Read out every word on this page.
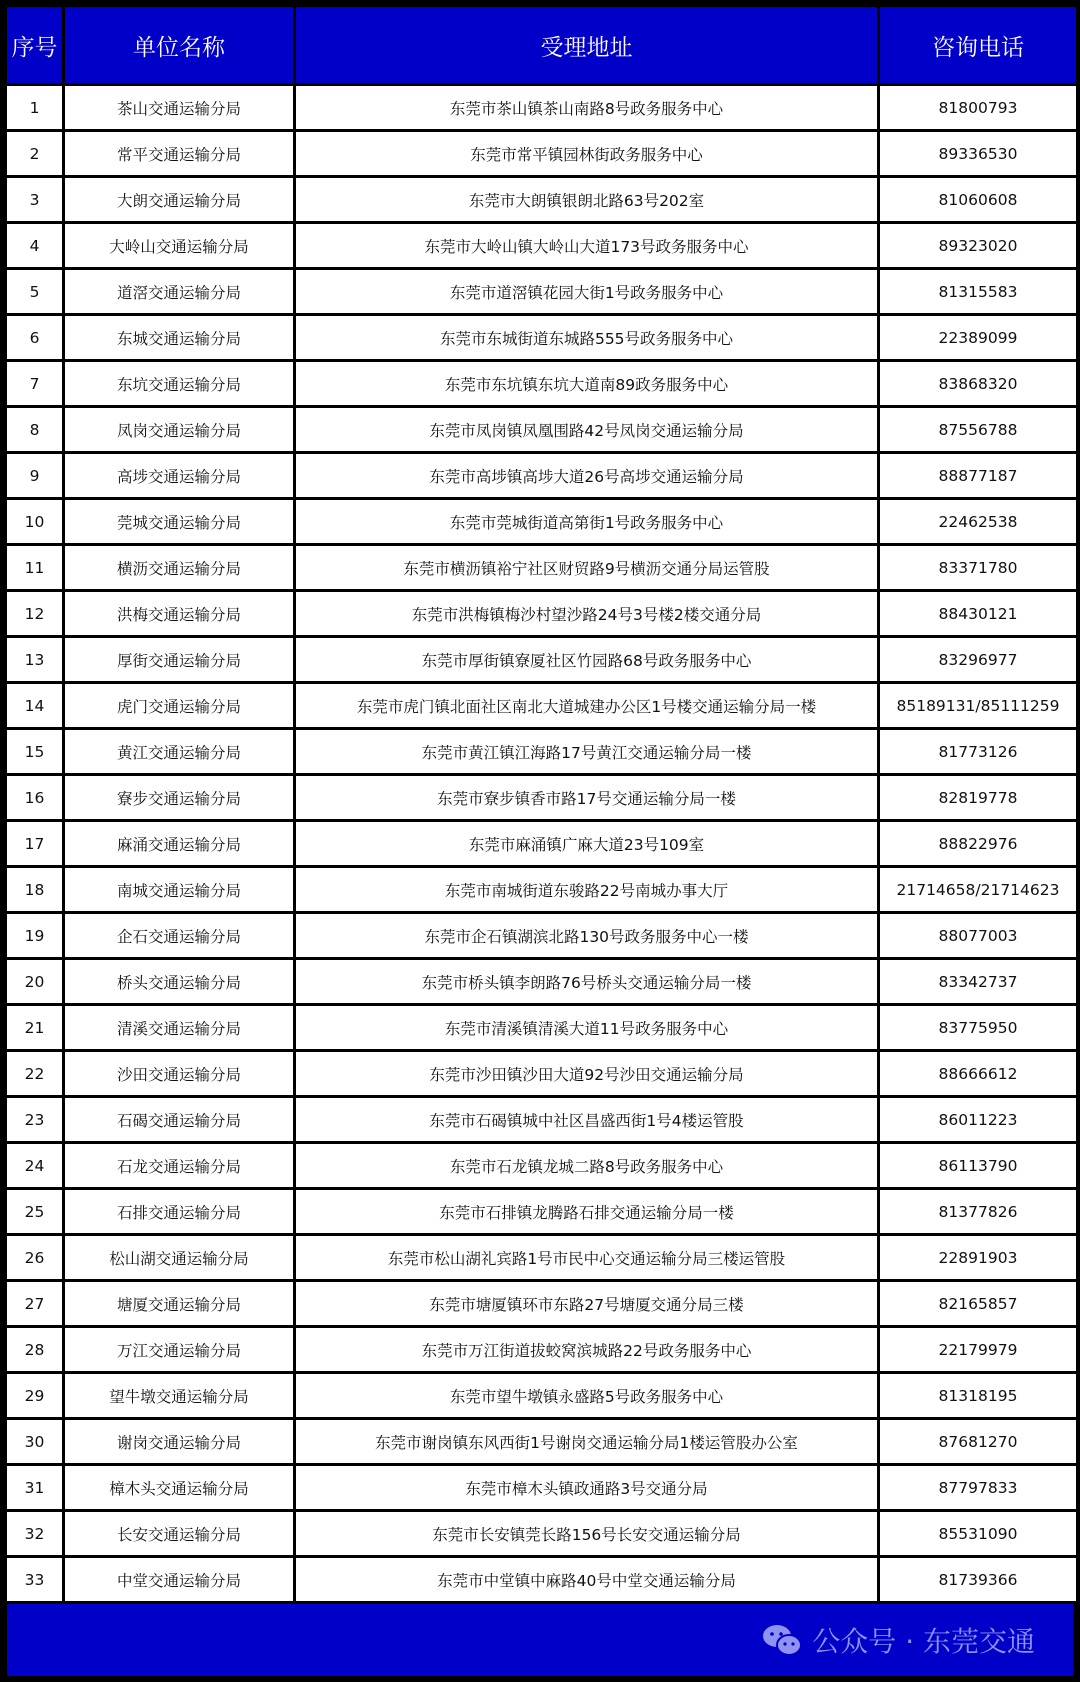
序号	单位名称	受理地址	咨询电话
1	茶山交通运输分局	东莞市茶山镇茶山南路8号政务服务中心	81800793
2	常平交通运输分局	东莞市常平镇园林街政务服务中心	89336530
3	大朗交通运输分局	东莞市大朗镇银朗北路63号202室	81060608
4	大岭山交通运输分局	东莞市大岭山镇大岭山大道173号政务服务中心	89323020
5	道滘交通运输分局	东莞市道滘镇花园大街1号政务服务中心	81315583
6	东城交通运输分局	东莞市东城街道东城路555号政务服务中心	22389099
7	东坑交通运输分局	东莞市东坑镇东坑大道南89政务服务中心	83868320
8	凤岗交通运输分局	东莞市凤岗镇凤凰围路42号凤岗交通运输分局	87556788
9	高埗交通运输分局	东莞市高埗镇高埗大道26号高埗交通运输分局	88877187
10	莞城交通运输分局	东莞市莞城街道高第街1号政务服务中心	22462538
11	横沥交通运输分局	东莞市横沥镇裕宁社区财贸路9号横沥交通分局运管股	83371780
12	洪梅交通运输分局	东莞市洪梅镇梅沙村望沙路24号3号楼2楼交通分局	88430121
13	厚街交通运输分局	东莞市厚街镇寮厦社区竹园路68号政务服务中心	83296977
14	虎门交通运输分局	东莞市虎门镇北面社区南北大道城建办公区1号楼交通运输分局一楼	85189131/85111259
15	黄江交通运输分局	东莞市黄江镇江海路17号黄江交通运输分局一楼	81773126
16	寮步交通运输分局	东莞市寮步镇香市路17号交通运输分局一楼	82819778
17	麻涌交通运输分局	东莞市麻涌镇广麻大道23号109室	88822976
18	南城交通运输分局	东莞市南城街道东骏路22号南城办事大厅	21714658/21714623
19	企石交通运输分局	东莞市企石镇湖滨北路130号政务服务中心一楼	88077003
20	桥头交通运输分局	东莞市桥头镇李朗路76号桥头交通运输分局一楼	83342737
21	清溪交通运输分局	东莞市清溪镇清溪大道11号政务服务中心	83775950
22	沙田交通运输分局	东莞市沙田镇沙田大道92号沙田交通运输分局	88666612
23	石碣交通运输分局	东莞市石碣镇城中社区昌盛西街1号4楼运管股	86011223
24	石龙交通运输分局	东莞市石龙镇龙城二路8号政务服务中心	86113790
25	石排交通运输分局	东莞市石排镇龙腾路石排交通运输分局一楼	81377826
26	松山湖交通运输分局	东莞市松山湖礼宾路1号市民中心交通运输分局三楼运管股	22891903
27	塘厦交通运输分局	东莞市塘厦镇环市东路27号塘厦交通分局三楼	82165857
28	万江交通运输分局	东莞市万江街道拔蛟窝滨城路22号政务服务中心	22179979
29	望牛墩交通运输分局	东莞市望牛墩镇永盛路5号政务服务中心	81318195
30	谢岗交通运输分局	东莞市谢岗镇东风西街1号谢岗交通运输分局1楼运管股办公室	87681270
31	樟木头交通运输分局	东莞市樟木头镇政通路3号交通分局	87797833
32	长安交通运输分局	东莞市长安镇莞长路156号长安交通运输分局	85531090
33	中堂交通运输分局	东莞市中堂镇中麻路40号中堂交通运输分局	81739366
公众号 · 东莞交通
